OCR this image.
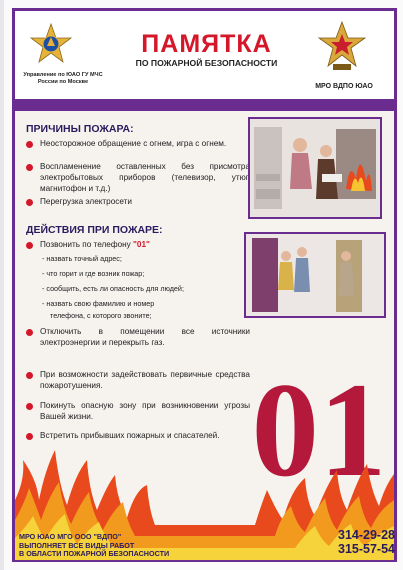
Управление по ЮАО ГУ МЧС России по Москве
ПАМЯТКА
ПО ПОЖАРНОЙ БЕЗОПАСНОСТИ
МРО ВДПО ЮАО
ПРИЧИНЫ ПОЖАРА:
Неосторожное обращение с огнем, игра с огнем.
Воспламенение оставленных без присмотра электробытовых приборов (телевизор, утюг, магнитофон и т.д.)
Перегрузка электросети
ДЕЙСТВИЯ ПРИ ПОЖАРЕ:
Позвонить по телефону "01"
- назвать точный адрес;
- что горит и где возник пожар;
- сообщить, есть ли опасность для людей;
- назвать свою фамилию и номер
телефона, с которого звоните;
Отключить в помещении все источники электроэнергии и перекрыть газ.
При возможности задействовать первичные средства пожаротушения.
Покинуть опасную зону при возникновении угрозы Вашей жизни.
Встретить прибывших пожарных и спасателей. 01
МРО ЮАО МГО ООО "ВДПО"
ВЫПОЛНЯЕТ ВСЕ ВИДЫ РАБОТ
В ОБЛАСТИ ПОЖАРНОЙ БЕЗОПАСНОСТИ
314-29-28
315-57-54
